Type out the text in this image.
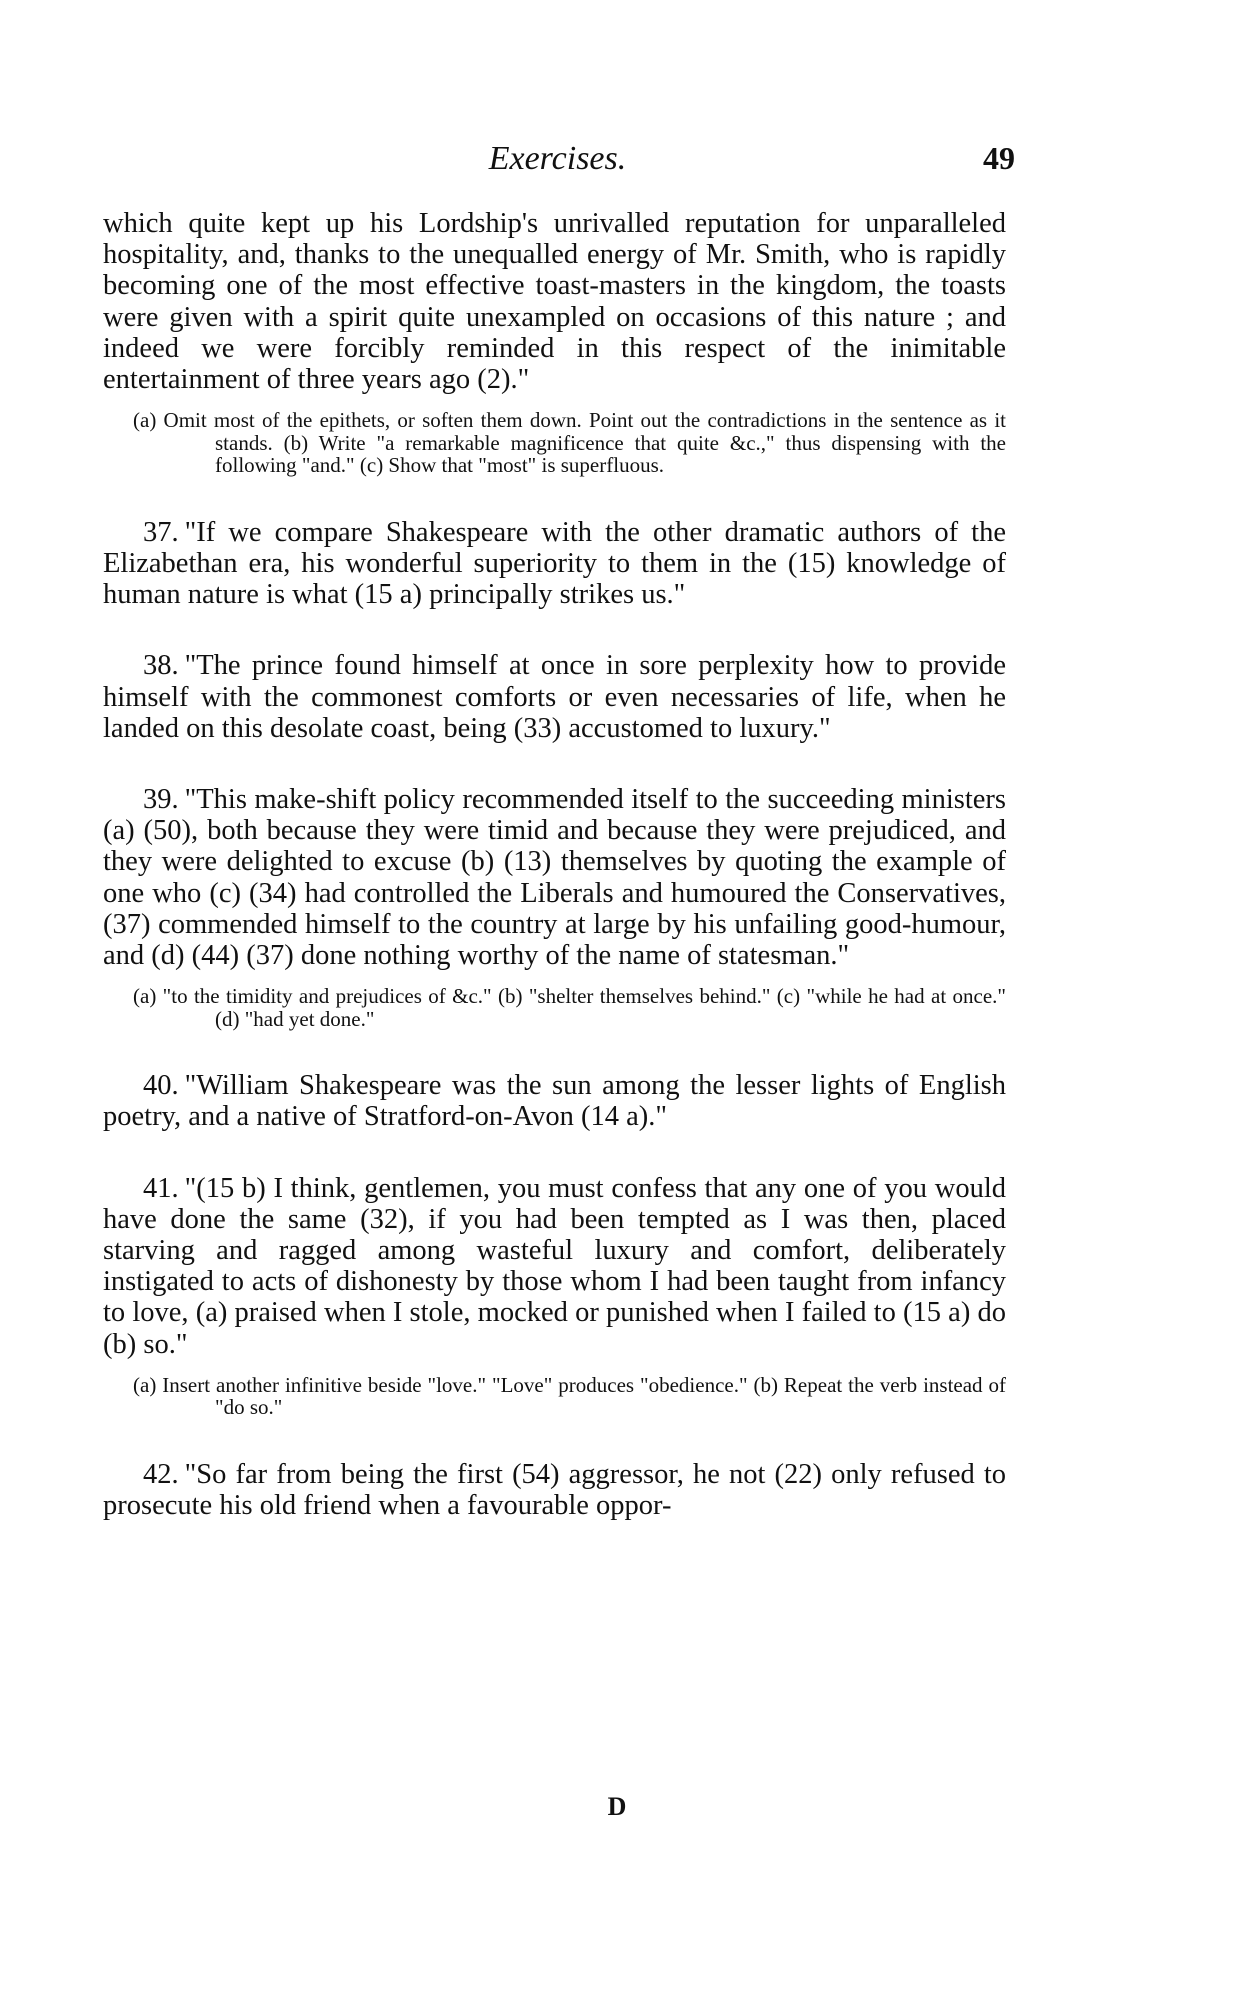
Exercises.	49

which quite kept up his Lordship's unrivalled reputation for unparalleled hospitality, and, thanks to the unequalled energy of Mr. Smith, who is rapidly becoming one of the most effective toast-masters in the kingdom, the toasts were given with a spirit quite unexampled on occasions of this nature ; and indeed we were forcibly reminded in this respect of the inimitable entertainment of three years ago (2)."

(a) Omit most of the epithets, or soften them down. Point out the contradictions in the sentence as it stands. (b) Write "a remarkable magnificence that quite &c.," thus dispensing with the following "and." (c) Show that "most" is superfluous.

37. "If we compare Shakespeare with the other dramatic authors of the Elizabethan era, his wonderful superiority to them in the (15) knowledge of human nature is what (15 a) principally strikes us."

38. "The prince found himself at once in sore perplexity how to provide himself with the commonest comforts or even necessaries of life, when he landed on this desolate coast, being (33) accustomed to luxury."

39. "This make-shift policy recommended itself to the succeeding ministers (a) (50), both because they were timid and because they were prejudiced, and they were delighted to excuse (b) (13) themselves by quoting the example of one who (c) (34) had controlled the Liberals and humoured the Conservatives, (37) commended himself to the country at large by his unfailing good-humour, and (d) (44) (37) done nothing worthy of the name of statesman."

(a) "to the timidity and prejudices of &c." (b) "shelter themselves behind." (c) "while he had at once." (d) "had yet done."

40. "William Shakespeare was the sun among the lesser lights of English poetry, and a native of Stratford-on-Avon (14 a)."

41. "(15 b) I think, gentlemen, you must confess that any one of you would have done the same (32), if you had been tempted as I was then, placed starving and ragged among wasteful luxury and comfort, deliberately instigated to acts of dishonesty by those whom I had been taught from infancy to love, (a) praised when I stole, mocked or punished when I failed to (15 a) do (b) so."

(a) Insert another infinitive beside "love." "Love" produces "obedience." (b) Repeat the verb instead of "do so."

42. "So far from being the first (54) aggressor, he not (22) only refused to prosecute his old friend when a favourable oppor-

D
